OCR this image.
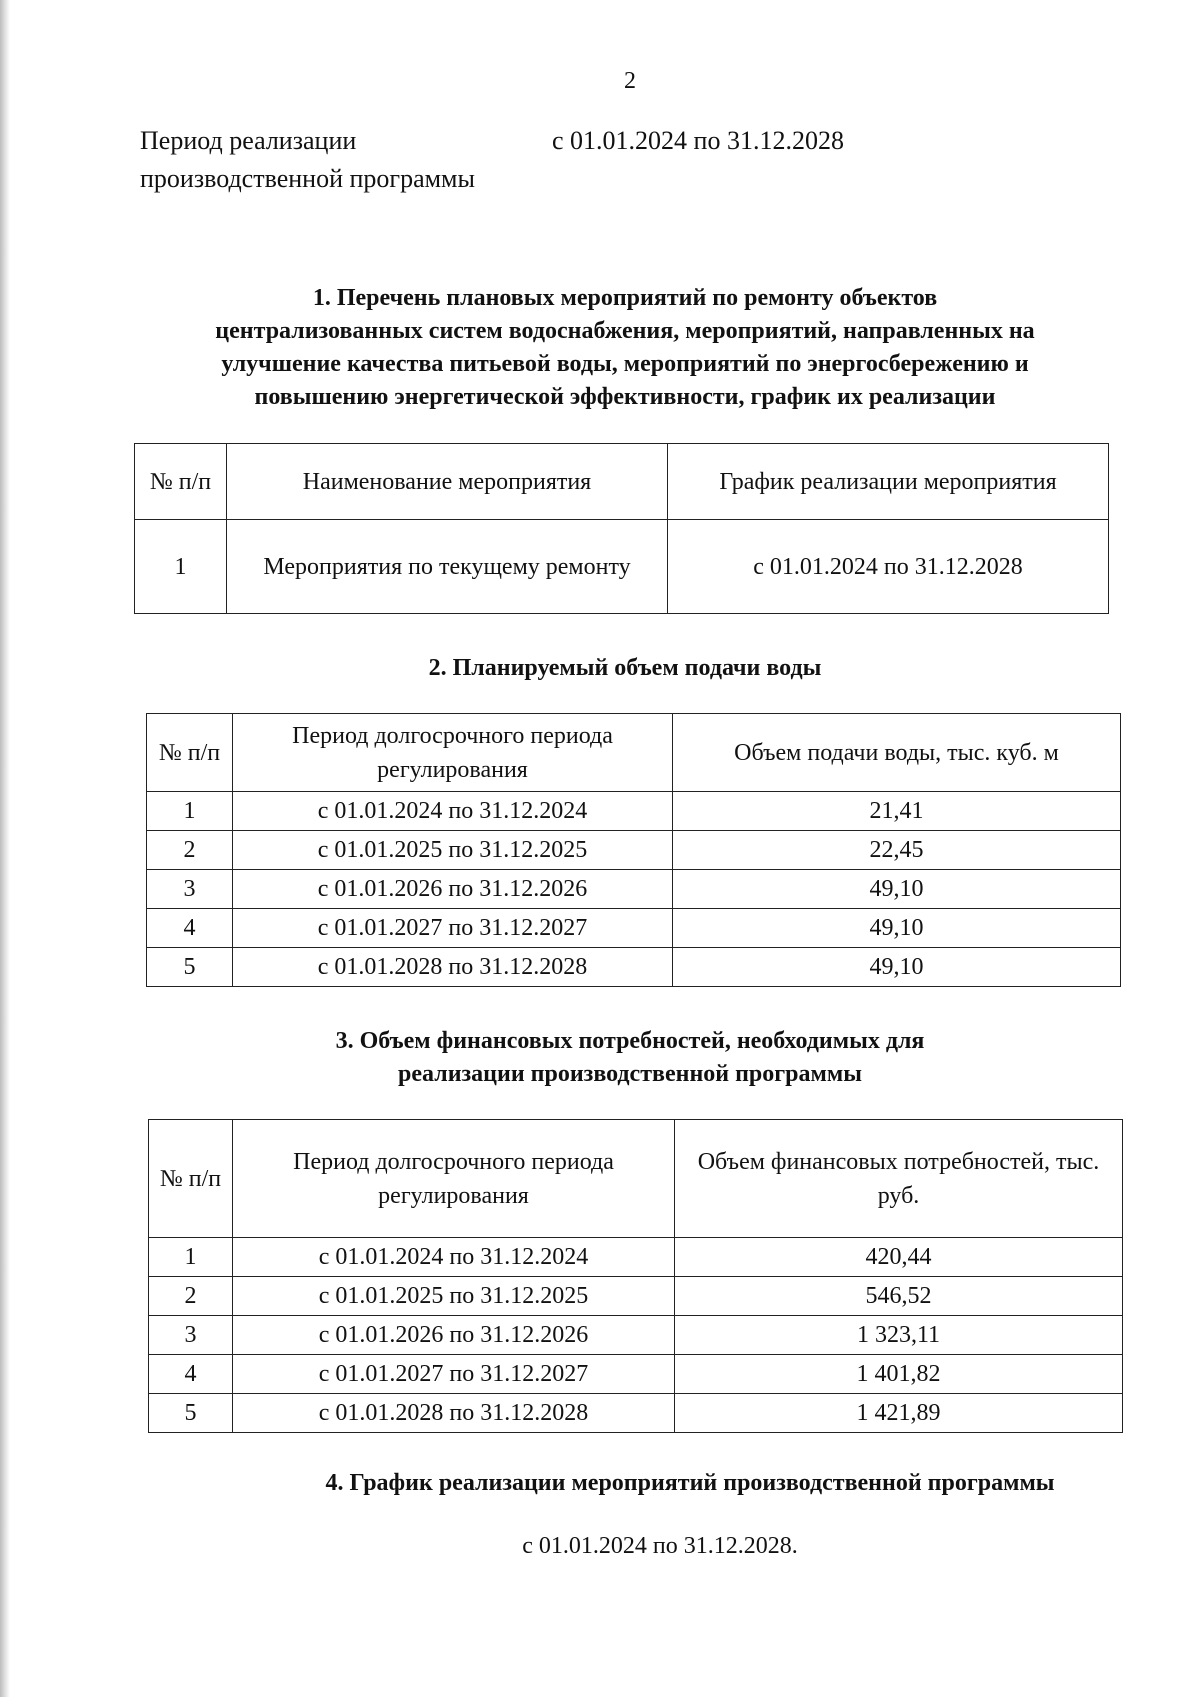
2
Период реализации
производственной программы
с 01.01.2024 по 31.12.2028
1. Перечень плановых мероприятий по ремонту объектов
централизованных систем водоснабжения, мероприятий, направленных на
улучшение качества питьевой воды, мероприятий по энергосбережению и
повышению энергетической эффективности, график их реализации
№ п/п	Наименование мероприятия	График реализации мероприятия
1	Мероприятия по текущему ремонту	с 01.01.2024 по 31.12.2028
2. Планируемый объем подачи воды
№ п/п	Период долгосрочного периода регулирования	Объем подачи воды, тыс. куб. м
1	с 01.01.2024 по 31.12.2024	21,41
2	с 01.01.2025 по 31.12.2025	22,45
3	с 01.01.2026 по 31.12.2026	49,10
4	с 01.01.2027 по 31.12.2027	49,10
5	с 01.01.2028 по 31.12.2028	49,10
3. Объем финансовых потребностей, необходимых для
реализации производственной программы
№ п/п	Период долгосрочного периода регулирования	Объем финансовых потребностей, тыс. руб.
1	с 01.01.2024 по 31.12.2024	420,44
2	с 01.01.2025 по 31.12.2025	546,52
3	с 01.01.2026 по 31.12.2026	1 323,11
4	с 01.01.2027 по 31.12.2027	1 401,82
5	с 01.01.2028 по 31.12.2028	1 421,89
4. График реализации мероприятий производственной программы
с 01.01.2024 по 31.12.2028.
